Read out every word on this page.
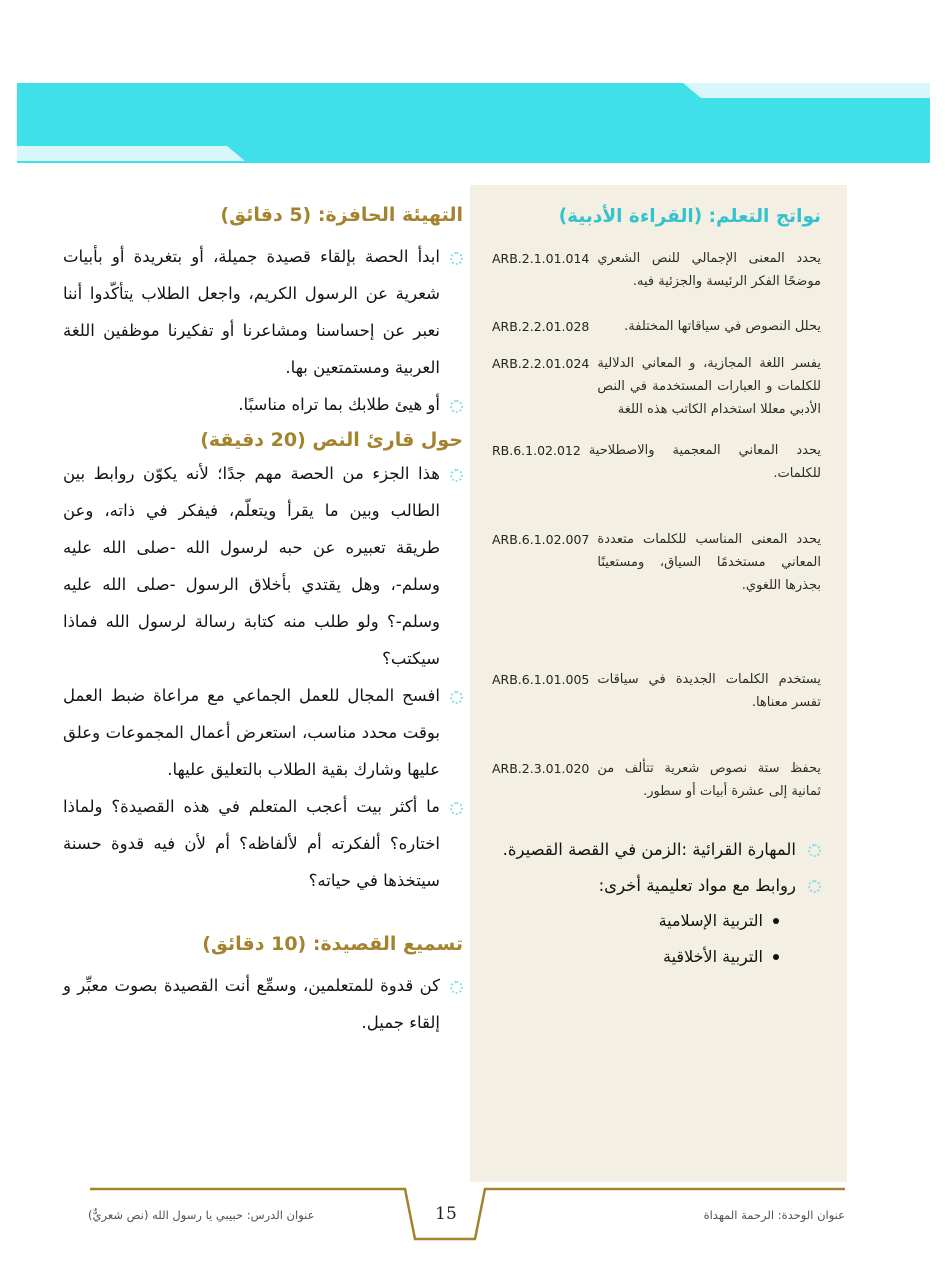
نواتج التعلم: (القراءة الأدبية)

ARB.2.1.01.014 يحدد المعنى الإجمالي للنص الشعري موضحًا الفكر الرئيسة والجزئية فيه.
ARB.2.2.01.028	يحلل النصوص في سياقاتها المختلفة.
ARB.2.2.01.024 يفسر اللغة المجازية، و المعاني الدلالية للكلمات و العبارات المستخدمة في النص الأدبي معللا استخدام الكاتب هذه اللغة
RB.6.1.02.012 يحدد المعاني المعجمية والاصطلاحية للكلمات.
ARB.6.1.02.007 يحدد المعنى المناسب للكلمات متعددة المعاني مستخدمًا السياق، ومستعينًا بجذرها اللغوي.
ARB.6.1.01.005 يستخدم الكلمات الجديدة في سياقات تفسر معناها.
ARB.2.3.01.020 يحفظ ستة نصوص شعرية تتألف من ثمانية إلى عشرة أبيات أو سطور.
المهارة القرائية :الزمن في القصة القصيرة.
روابط مع مواد تعليمية أخرى:
التربية الإسلامية
التربية الأخلاقية

التهيئة الحافزة: (5 دقائق)

ابدأ الحصة بإلقاء قصيدة جميلة، أو بتغريدة أو بأبيات شعرية عن الرسول الكريم، واجعل الطلاب يتأكّدوا أننا نعبر عن إحساسنا ومشاعرنا أو تفكيرنا موظفين اللغة العربية ومستمتعين بها.
أو هيئ طلابك بما تراه مناسبًا.

حول قارئ النص (20 دقيقة)

هذا الجزء من الحصة مهم جدًا؛ لأنه يكوّن روابط بين الطالب وبين ما يقرأ ويتعلّم، فيفكر في ذاته، وعن طريقة تعبيره عن حبه لرسول الله -صلى الله عليه وسلم-، وهل يقتدي بأخلاق الرسول -صلى الله عليه وسلم-؟ ولو طلب منه كتابة رسالة لرسول الله فماذا سيكتب؟
افسح المجال للعمل الجماعي مع مراعاة ضبط العمل بوقت محدد مناسب، استعرض أعمال المجموعات وعلق عليها وشارك بقية الطلاب بالتعليق عليها.
ما أكثر بيت أعجب المتعلم في هذه القصيدة؟ ولماذا اختاره؟ ألفكرته أم لألفاظه؟ أم لأن فيه قدوة حسنة سيتخذها في حياته؟

تسميع القصيدة: (10 دقائق)

كن قدوة للمتعلمين، وسمِّع أنت القصيدة بصوت معبِّر و إلقاء جميل.
15
عنوان الدرس: حبيبي يا رسول الله (نص شعريٌّ)	عنوان الوحدة: الرحمة المهداة
